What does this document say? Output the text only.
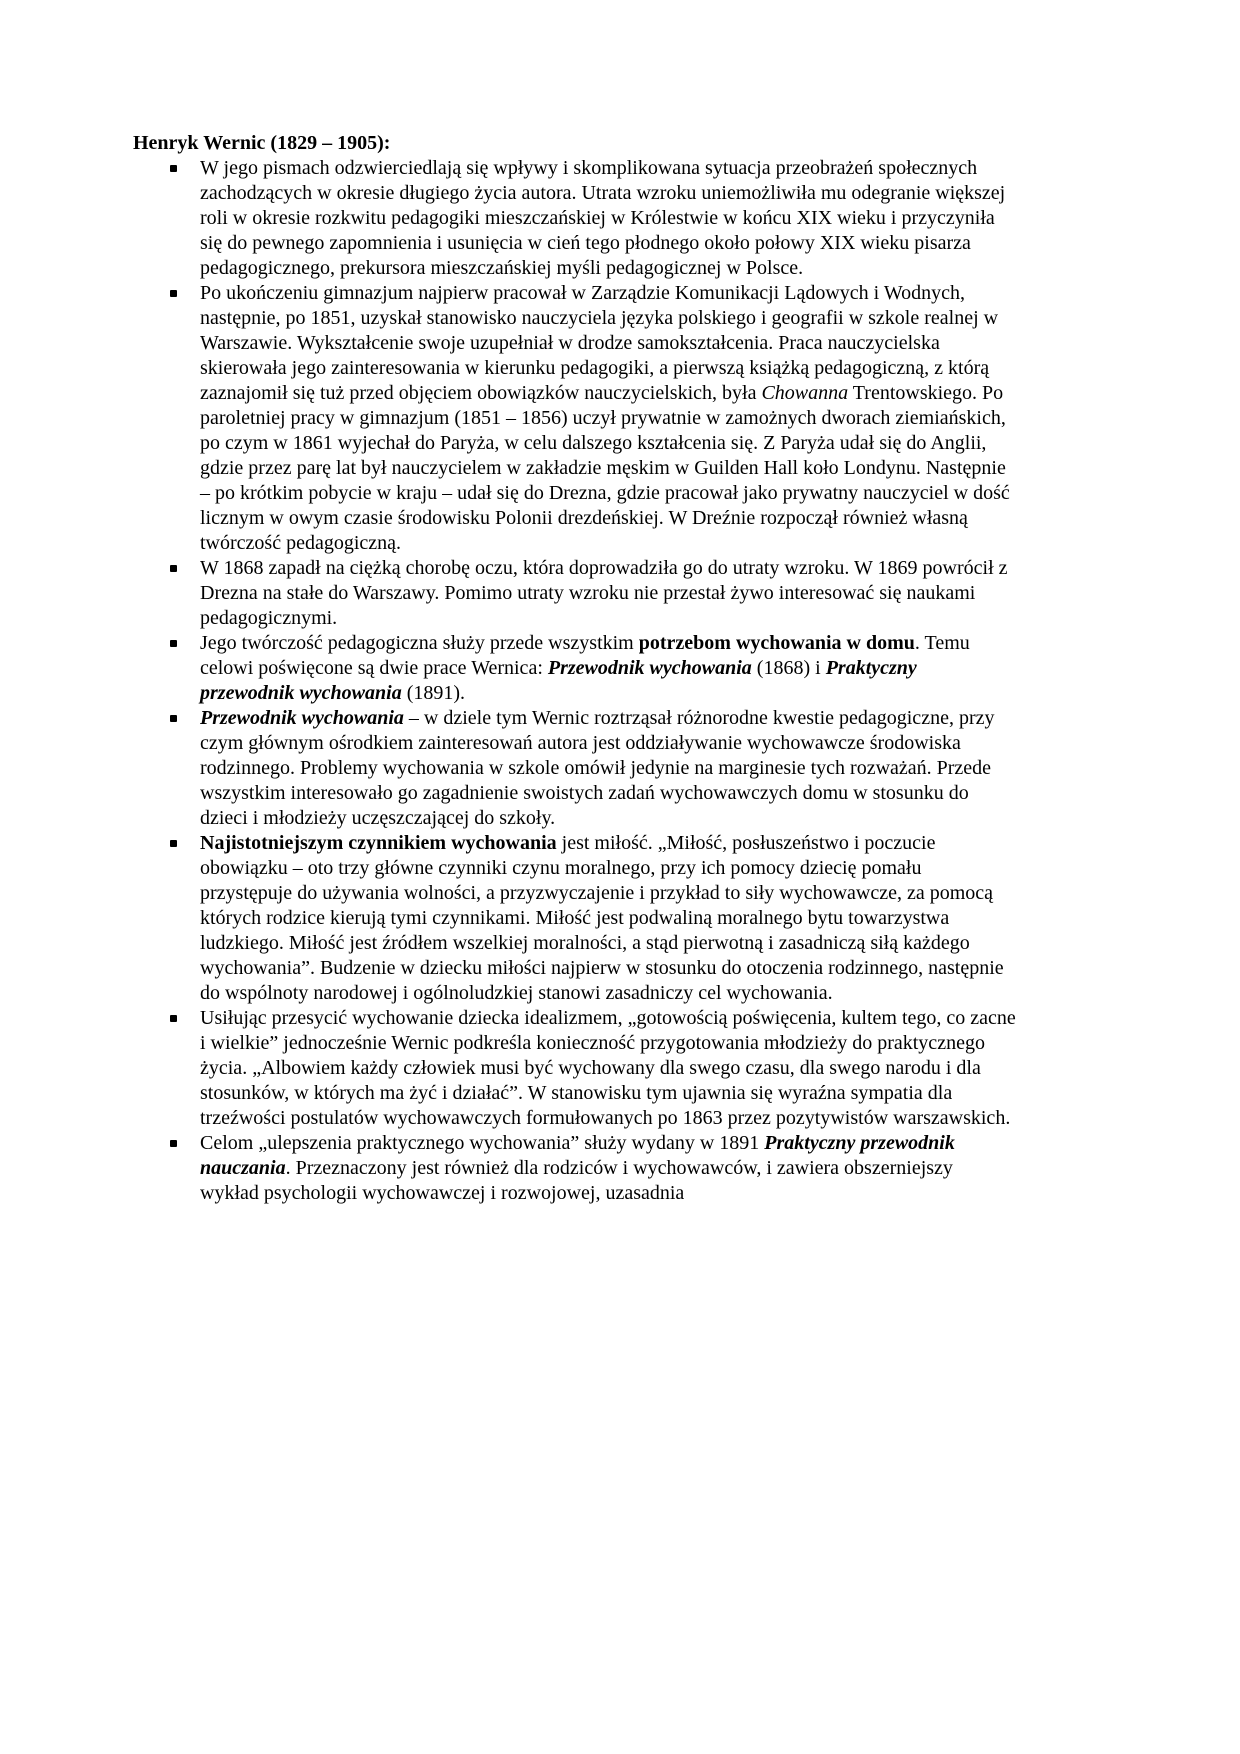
Henryk Wernic (1829 – 1905):
W jego pismach odzwierciedlają się wpływy i skomplikowana sytuacja przeobrażeń społecznych zachodzących w okresie długiego życia autora. Utrata wzroku uniemożliwiła mu odegranie większej roli w okresie rozkwitu pedagogiki mieszczańskiej w Królestwie w końcu XIX wieku i przyczyniła się do pewnego zapomnienia i usunięcia w cień tego płodnego około połowy XIX wieku pisarza pedagogicznego, prekursora mieszczańskiej myśli pedagogicznej w Polsce.
Po ukończeniu gimnazjum najpierw pracował w Zarządzie Komunikacji Lądowych i Wodnych, następnie, po 1851, uzyskał stanowisko nauczyciela języka polskiego i geografii w szkole realnej w Warszawie. Wykształcenie swoje uzupełniał w drodze samokształcenia. Praca nauczycielska skierowała jego zainteresowania w kierunku pedagogiki, a pierwszą książką pedagogiczną, z którą zaznajomił się tuż przed objęciem obowiązków nauczycielskich, była Chowanna Trentowskiego. Po paroletniej pracy w gimnazjum (1851 – 1856) uczył prywatnie w zamożnych dworach ziemiańskich, po czym w 1861 wyjechał do Paryża, w celu dalszego kształcenia się. Z Paryża udał się do Anglii, gdzie przez parę lat był nauczycielem w zakładzie męskim w Guilden Hall koło Londynu. Następnie – po krótkim pobycie w kraju – udał się do Drezna, gdzie pracował jako prywatny nauczyciel w dość licznym w owym czasie środowisku Polonii drezdeńskiej. W Dreźnie rozpoczął również własną twórczość pedagogiczną.
W 1868 zapadł na ciężką chorobę oczu, która doprowadziła go do utraty wzroku. W 1869 powrócił z Drezna na stałe do Warszawy. Pomimo utraty wzroku nie przestał żywo interesować się naukami pedagogicznymi.
Jego twórczość pedagogiczna służy przede wszystkim potrzebom wychowania w domu. Temu celowi poświęcone są dwie prace Wernica: Przewodnik wychowania (1868) i Praktyczny przewodnik wychowania (1891).
Przewodnik wychowania – w dziele tym Wernic roztrząsał różnorodne kwestie pedagogiczne, przy czym głównym ośrodkiem zainteresowań autora jest oddziaływanie wychowawcze środowiska rodzinnego. Problemy wychowania w szkole omówił jedynie na marginesie tych rozważań. Przede wszystkim interesowało go zagadnienie swoistych zadań wychowawczych domu w stosunku do dzieci i młodzieży uczęszczającej do szkoły.
Najistotniejszym czynnikiem wychowania jest miłość. „Miłość, posłuszeństwo i poczucie obowiązku – oto trzy główne czynniki czynu moralnego, przy ich pomocy dziecię pomału przystępuje do używania wolności, a przyzwyczajenie i przykład to siły wychowawcze, za pomocą których rodzice kierują tymi czynnikami. Miłość jest podwaliną moralnego bytu towarzystwa ludzkiego. Miłość jest źródłem wszelkiej moralności, a stąd pierwotną i zasadniczą siłą każdego wychowania”. Budzenie w dziecku miłości najpierw w stosunku do otoczenia rodzinnego, następnie do wspólnoty narodowej i ogólnoludzkiej stanowi zasadniczy cel wychowania.
Usiłując przesycić wychowanie dziecka idealizmem, „gotowością poświęcenia, kultem tego, co zacne i wielkie” jednocześnie Wernic podkreśla konieczność przygotowania młodzieży do praktycznego życia. „Albowiem każdy człowiek musi być wychowany dla swego czasu, dla swego narodu i dla stosunków, w których ma żyć i działać”. W stanowisku tym ujawnia się wyraźna sympatia dla trzeźwości postulatów wychowawczych formułowanych po 1863 przez pozytywistów warszawskich.
Celom „ulepszenia praktycznego wychowania” służy wydany w 1891 Praktyczny przewodnik nauczania. Przeznaczony jest również dla rodziców i wychowawców, i zawiera obszerniejszy wykład psychologii wychowawczej i rozwojowej, uzasadnia
